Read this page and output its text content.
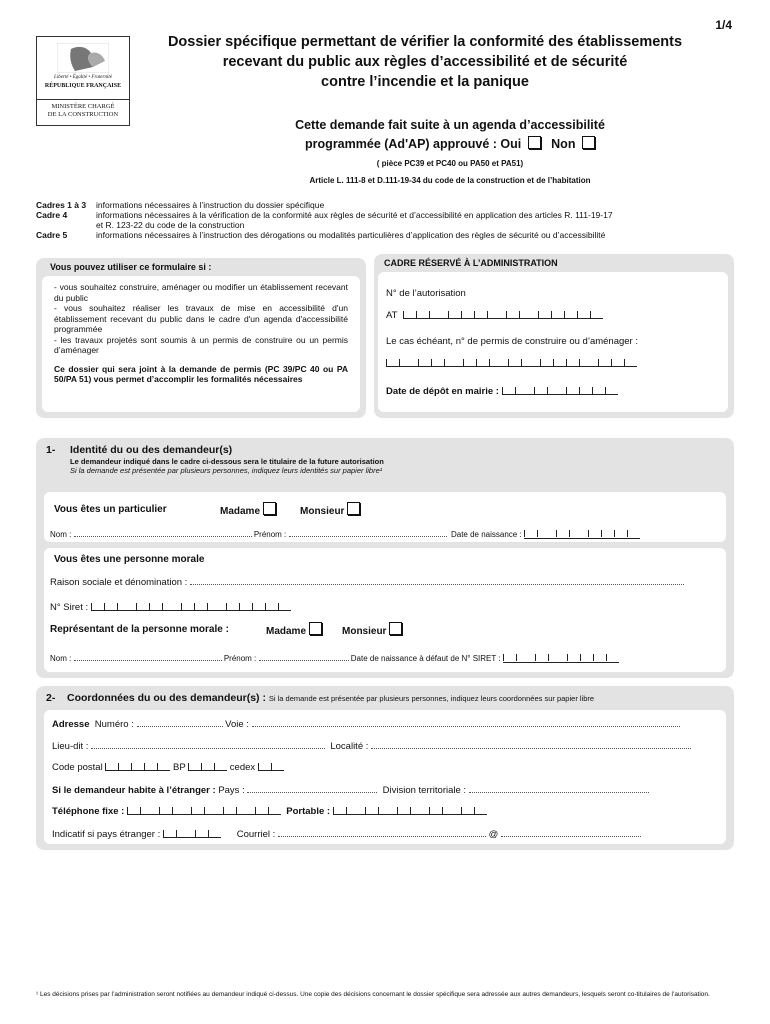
1/4
Liberté • Égalité • Fraternité
RÉPUBLIQUE FRANÇAISE
MINISTÈRE CHARGÉ
DE LA CONSTRUCTION
Dossier spécifique permettant de vérifier la conformité des établissements
recevant du public aux règles d’accessibilité et de sécurité
contre l’incendie et la panique
Cette demande fait suite à un agenda d’accessibilité
programmée (Ad'AP) approuvé : Oui Non
( pièce PC39 et PC40 ou PA50 et PA51)
Article L. 111-8 et D.111-19-34 du code de la construction et de l’habitation
Cadres 1 à 3	informations nécessaires à l’instruction du dossier spécifique
Cadre 4	informations nécessaires à la vérification de la conformité aux règles de sécurité et d’accessibilité en application des articles R. 111-19-17
	et R. 123-22 du code de la construction
Cadre 5	informations nécessaires à l’instruction des dérogations ou modalités particulières d’application des règles de sécurité ou d’accessibilité
Vous pouvez utiliser ce formulaire si :
- vous souhaitez construire, aménager ou modifier un établissement recevant du public
- vous souhaitez réaliser les travaux de mise en accessibilité d'un établissement recevant du public dans le cadre d'un agenda d'accessibilité programmée
- les travaux projetés sont soumis à un permis de construire ou un permis d’aménager
Ce dossier qui sera joint à la demande de permis (PC 39/PC 40 ou PA 50/PA 51) vous permet d’accomplir les formalités nécessaires
CADRE RÉSERVÉ À L’ADMINISTRATION
N° de l’autorisation
AT
Le cas échéant, n° de permis de construire ou d’aménager :
Date de dépôt en mairie :
1- Identité du ou des demandeur(s)
Le demandeur indiqué dans le cadre ci-dessous sera le titulaire de la future autorisation
Si la demande est présentée par plusieurs personnes, indiquez leurs identités sur papier libre¹
Vous êtes un particulier	Madame	Monsieur
Nom :	Prénom :	Date de naissance :
Vous êtes une personne morale
Raison sociale et dénomination :
N° Siret :
Représentant de la personne morale :	Madame	Monsieur
Nom :	Prénom :	Date de naissance à défaut de N° SIRET :
2- Coordonnées du ou des demandeur(s) : Si la demande est présentée par plusieurs personnes, indiquez leurs coordonnées sur papier libre
Adresse Numéro :	Voie :
Lieu-dit :	Localité :
Code postal	BP	cedex
Si le demandeur habite à l’étranger : Pays :	Division territoriale :
Téléphone fixe :	Portable :
Indicatif si pays étranger :	Courriel :	@
¹ Les décisions prises par l’administration seront notifiées au demandeur indiqué ci-dessus. Une copie des décisions concernant le dossier spécifique sera adressée aux autres demandeurs, lesquels seront co-titulaires de l’autorisation.
